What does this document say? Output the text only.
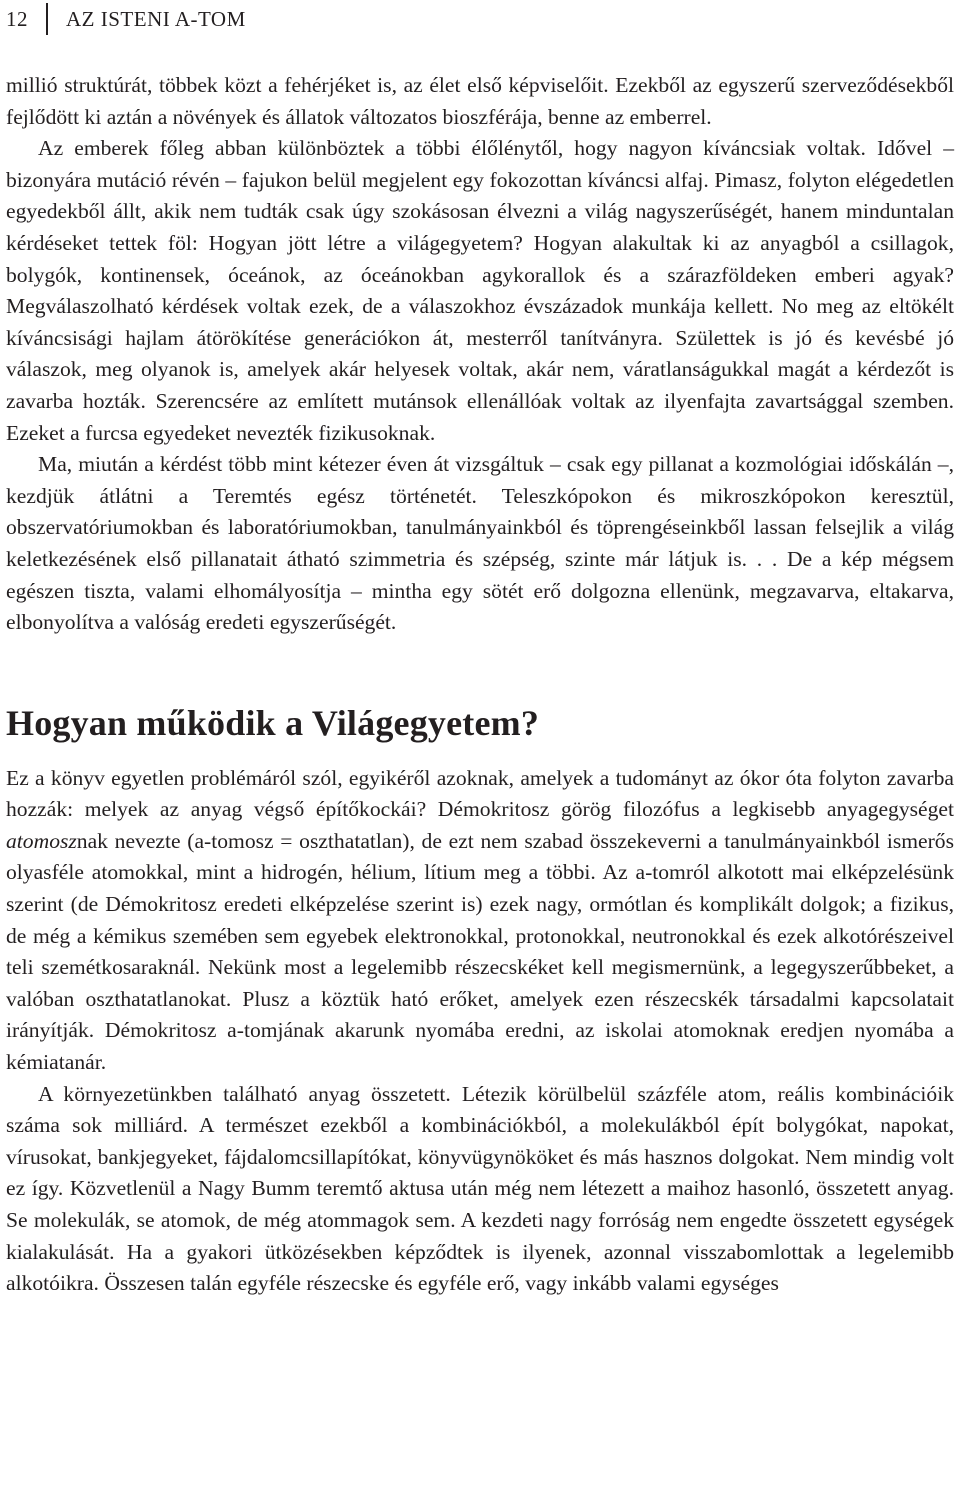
12	AZ ISTENI A-TOM

millió struktúrát, többek közt a fehérjéket is, az élet első képviselőit. Ezekből az egyszerű szerveződésekből fejlődött ki aztán a növények és állatok változatos bioszférája, benne az emberrel.

Az emberek főleg abban különböztek a többi élőlénytől, hogy nagyon kíváncsiak voltak. Idővel – bizonyára mutáció révén – fajukon belül megjelent egy fokozottan kíváncsi alfaj. Pimasz, folyton elégedetlen egyedekből állt, akik nem tudták csak úgy szokásosan élvezni a világ nagyszerűségét, hanem minduntalan kérdéseket tettek föl: Hogyan jött létre a világegyetem? Hogyan alakultak ki az anyagból a csillagok, bolygók, kontinensek, óceánok, az óceánokban agykorallok és a szárazföldeken emberi agyak? Megválaszolható kérdések voltak ezek, de a válaszokhoz évszázadok munkája kellett. No meg az eltökélt kíváncsisági hajlam átörökítése generációkon át, mesterről tanítványra. Születtek is jó és kevésbé jó válaszok, meg olyanok is, amelyek akár helyesek voltak, akár nem, váratlanságukkal magát a kérdezőt is zavarba hozták. Szerencsére az említett mutánsok ellenállóak voltak az ilyenfajta zavartsággal szemben. Ezeket a furcsa egyedeket nevezték fizikusoknak.

Ma, miután a kérdést több mint kétezer éven át vizsgáltuk – csak egy pillanat a kozmológiai időskálán –, kezdjük átlátni a Teremtés egész történetét. Teleszkópokon és mikroszkópokon keresztül, obszervatóriumokban és laboratóriumokban, tanulmányainkból és töprengéseinkből lassan felsejlik a világ keletkezésének első pillanatait átható szimmetria és szépség, szinte már látjuk is. . . De a kép mégsem egészen tiszta, valami elhomályosítja – mintha egy sötét erő dolgozna ellenünk, megzavarva, eltakarva, elbonyolítva a valóság eredeti egyszerűségét.

Hogyan működik a Világegyetem?

Ez a könyv egyetlen problémáról szól, egyikéről azoknak, amelyek a tudományt az ókor óta folyton zavarba hozzák: melyek az anyag végső építőkockái? Démokritosz görög filozófus a legkisebb anyagegységet atomosznak nevezte (a-tomosz = oszthatatlan), de ezt nem szabad összekeverni a tanulmányainkból ismerős olyasféle atomokkal, mint a hidrogén, hélium, lítium meg a többi. Az a-tomról alkotott mai elképzelésünk szerint (de Démokritosz eredeti elképzelése szerint is) ezek nagy, ormótlan és komplikált dolgok; a fizikus, de még a kémikus szemében sem egyebek elektronokkal, protonokkal, neutronokkal és ezek alkotórészeivel teli szemétkosaraknál. Nekünk most a legelemibb részecskéket kell megismernünk, a legegyszerűbbeket, a valóban oszthatatlanokat. Plusz a köztük ható erőket, amelyek ezen részecskék társadalmi kapcsolatait irányítják. Démokritosz a-tomjának akarunk nyomába eredni, az iskolai atomoknak eredjen nyomába a kémiatanár.

A környezetünkben található anyag összetett. Létezik körülbelül százféle atom, reális kombinációik száma sok milliárd. A természet ezekből a kombinációkból, a molekulákból épít bolygókat, napokat, vírusokat, bankjegyeket, fájdalomcsillapítókat, könyvügynököket és más hasznos dolgokat. Nem mindig volt ez így. Közvetlenül a Nagy Bumm teremtő aktusa után még nem létezett a maihoz hasonló, összetett anyag. Se molekulák, se atomok, de még atommagok sem. A kezdeti nagy forróság nem engedte összetett egységek kialakulását. Ha a gyakori ütközésekben képződtek is ilyenek, azonnal visszabomlottak a legelemibb alkotóikra. Összesen talán egyféle részecske és egyféle erő, vagy inkább valami egységes
